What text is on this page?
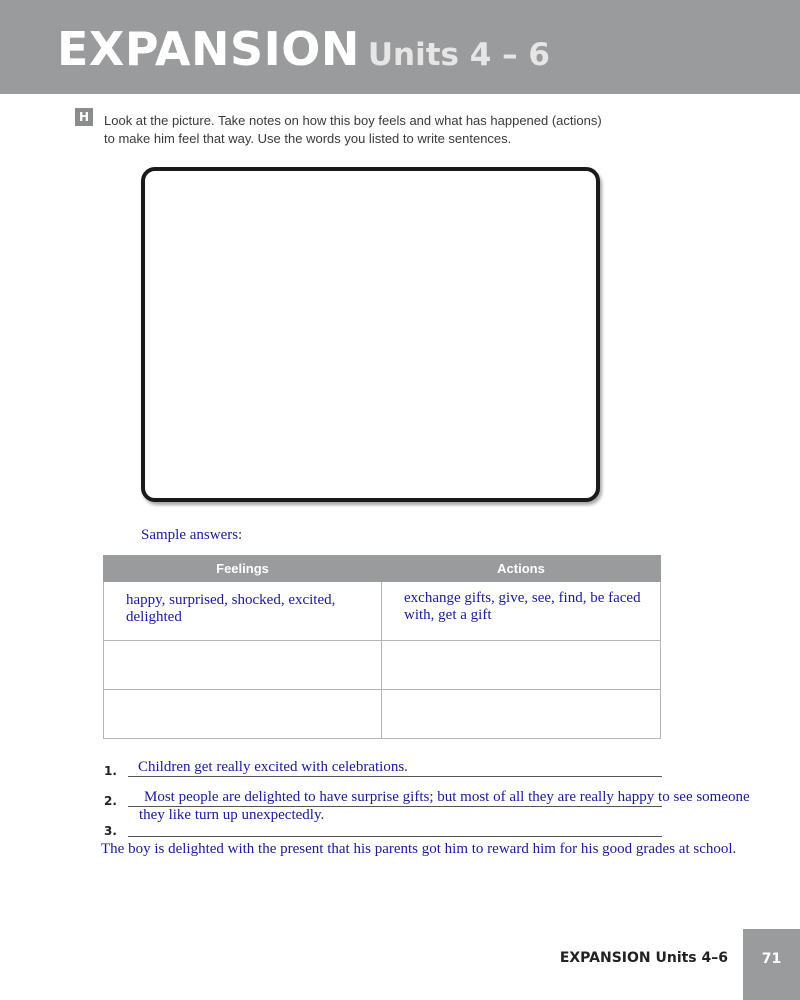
EXPANSION Units 4 – 6
H	Look at the picture. Take notes on how this boy feels and what has happened (actions)
to make him feel that way. Use the words you listed to write sentences.
Sample answers:
Feelings	Actions
happy, surprised, shocked, excited, delighted	exchange gifts, give, see, find, be faced with, get a gift

1. Children get really excited with celebrations.
2. Most people are delighted to have surprise gifts; but most of all they are really happy to see someone
they like turn up unexpectedly.
3.
The boy is delighted with the present that his parents got him to reward him for his good grades at school.
EXPANSION Units 4–6	71
